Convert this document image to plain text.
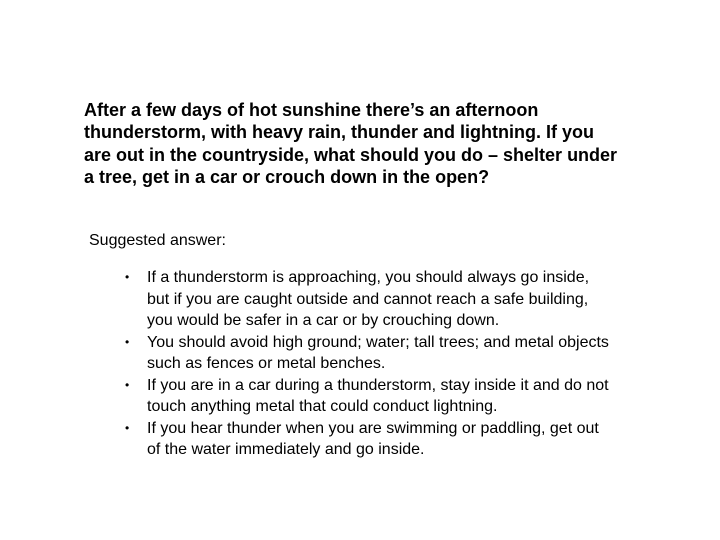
After a few days of hot sunshine there’s an afternoon thunderstorm, with heavy rain, thunder and lightning. If you are out in the countryside, what should you do – shelter under a tree, get in a car or crouch down in the open?

Suggested answer:

• If a thunderstorm is approaching, you should always go inside, but if you are caught outside and cannot reach a safe building, you would be safer in a car or by crouching down.
• You should avoid high ground; water; tall trees; and metal objects such as fences or metal benches.
• If you are in a car during a thunderstorm, stay inside it and do not touch anything metal that could conduct lightning.
• If you hear thunder when you are swimming or paddling, get out of the water immediately and go inside.
